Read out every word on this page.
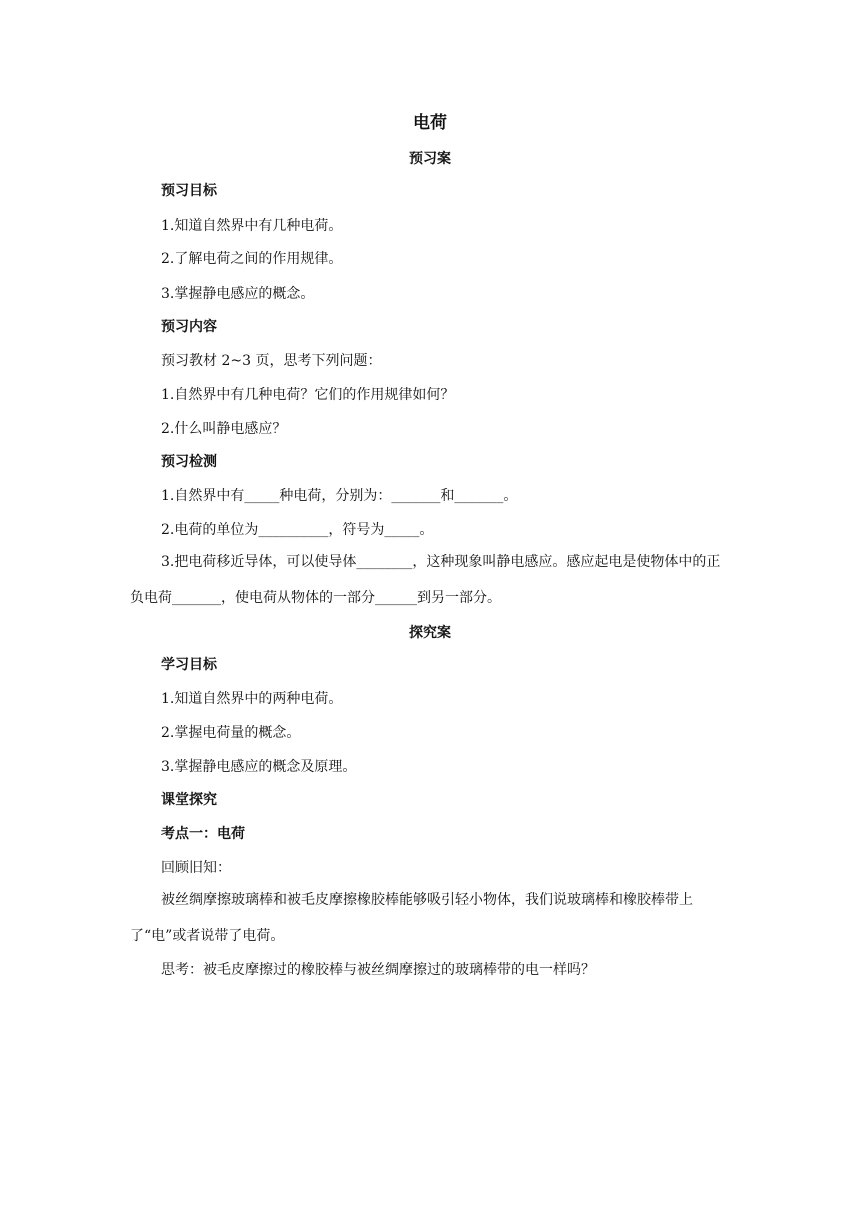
电荷
预习案
预习目标
1.知道自然界中有几种电荷。
2.了解电荷之间的作用规律。
3.掌握静电感应的概念。
预习内容
预习教材 2~3 页，思考下列问题：
1.自然界中有几种电荷？它们的作用规律如何？
2.什么叫静电感应？
预习检测
1.自然界中有_____种电荷，分别为：_______和_______。
2.电荷的单位为__________，符号为_____。
3.把电荷移近导体，可以使导体________，这种现象叫静电感应。感应起电是使物体中的正负电荷_______，使电荷从物体的一部分______到另一部分。
探究案
学习目标
1.知道自然界中的两种电荷。
2.掌握电荷量的概念。
3.掌握静电感应的概念及原理。
课堂探究
考点一：电荷
回顾旧知：
被丝绸摩擦玻璃棒和被毛皮摩擦橡胶棒能够吸引轻小物体，我们说玻璃棒和橡胶棒带上了“电”或者说带了电荷。
思考：被毛皮摩擦过的橡胶棒与被丝绸摩擦过的玻璃棒带的电一样吗？
